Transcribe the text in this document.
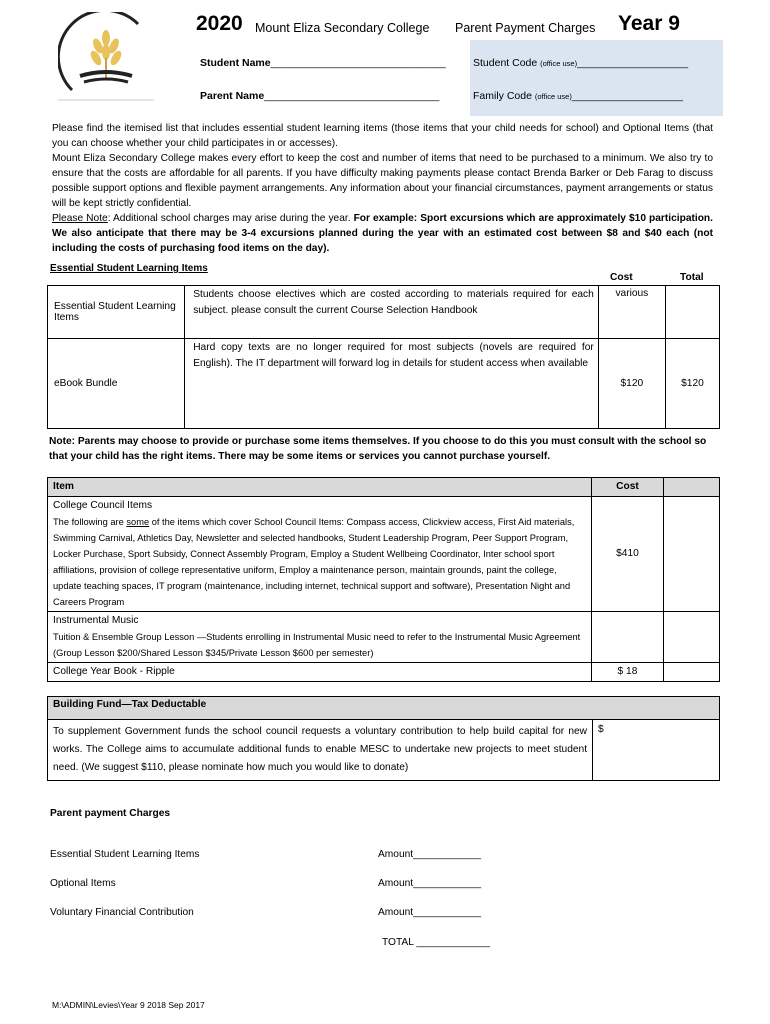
2020 Mount Eliza Secondary College Parent Payment Charges Year 9
Student Name______________________________
Parent Name______________________________
Student Code (office use)___________________
Family Code (office use)___________________

Please find the itemised list that includes essential student learning items (those items that your child needs for school) and Optional Items (that you can choose whether your child participates in or accesses).

Mount Eliza Secondary College makes every effort to keep the cost and number of items that need to be purchased to a minimum. We also try to ensure that the costs are affordable for all parents. If you have difficulty making payments please contact Brenda Barker or Deb Farag to discuss possible support options and flexible payment arrangements. Any information about your financial circumstances, payment arrangements or status will be kept strictly confidential.

Please Note: Additional school charges may arise during the year. For example: Sport excursions which are approximately $10 participation. We also anticipate that there may be 3-4 excursions planned during the year with an estimated cost between $8 and $40 each (not including the costs of purchasing food items on the day).

Essential Student Learning Items
Cost	Total
Essential Student Learning Items	Students choose electives which are costed according to materials required for each subject. please consult the current Course Selection Handbook	various	
eBook Bundle	Hard copy texts are no longer required for most subjects (novels are required for English). The IT department will forward log in details for student access when available	$120	$120
Note: Parents may choose to provide or purchase some items themselves. If you choose to do this you must consult with the school so that your child has the right items. There may be some items or services you cannot purchase yourself.
Item	Cost	

College Council Items
The following are some of the items which cover School Council Items: Compass access, Clickview access, First Aid materials, Swimming Carnival, Athletics Day, Newsletter and selected handbooks, Student Leadership Program, Peer Support Program, Locker Purchase, Sport Subsidy, Connect Assembly Program, Employ a Student Wellbeing Coordinator, Inter school sport affiliations, provision of college representative uniform, Employ a maintenance person, maintain grounds, paint the college, update teaching spaces, IT program (maintenance, including internet, technical support and software), Presentation Night and Careers Program	$410	

Instrumental Music
Tuition & Ensemble Group Lesson —Students enrolling in Instrumental Music need to refer to the Instrumental Music Agreement (Group Lesson $200/Shared Lesson $345/Private Lesson $600 per semester)		

College Year Book - Ripple	$ 18	
Building Fund—Tax Deductable
To supplement Government funds the school council requests a voluntary contribution to help build capital for new works. The College aims to accumulate additional funds to enable MESC to undertake new projects to meet student need. (We suggest $110, please nominate how much you would like to donate)	$
Parent payment Charges
Essential Student Learning Items	Amount____________
Optional Items	Amount____________
Voluntary Financial Contribution	Amount____________
TOTAL _____________
M:\ADMIN\Levies\Year 9 2018 Sep 2017
